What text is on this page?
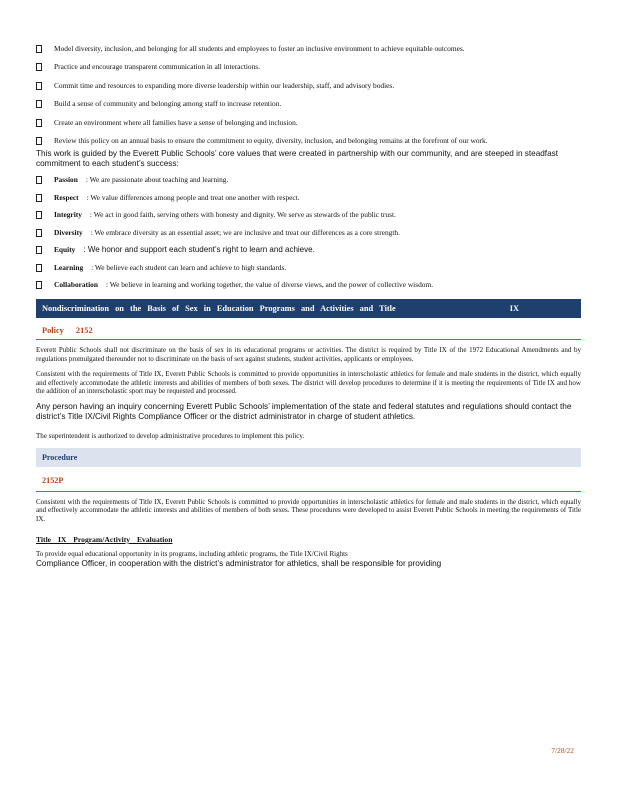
Model diversity, inclusion, and belonging for all students and employees to foster an inclusive environment to achieve equitable outcomes.
Practice and encourage transparent communication in all interactions.
Commit time and resources to expanding more diverse leadership within our leadership, staff, and advisory bodies.
Build a sense of community and belonging among staff to increase retention.
Create an environment where all families have a sense of belonging and inclusion.
Review this policy on an annual basis to ensure the commitment to equity, diversity, inclusion, and belonging remains at the forefront of our work.

This work is guided by the Everett Public Schools’ core values that were created in partnership with our community, and are steeped in steadfast commitment to each student’s success:

Passion : We are passionate about teaching and learning.
Respect : We value differences among people and treat one another with respect.
Integrity : We act in good faith, serving others with honesty and dignity. We serve as stewards of the public trust.
Diversity : We embrace diversity as an essential asset; we are inclusive and treat our differences as a core strength.
Equity : We honor and support each student’s right to learn and achieve.
Learning : We believe each student can learn and achieve to high standards.
Collaboration : We believe in learning and working together, the value of diverse views, and the power of collective wisdom.
Nondiscrimination on the Basis of Sex in Education Programs and Activities and Title	IX
Policy 2152
Everett Public Schools shall not discriminate on the basis of sex in its educational programs or activities. The district is required by Title IX of the 1972 Educational Amendments and by regulations promulgated thereunder not to discriminate on the basis of sex against students, student activities, applicants or employees.
Consistent with the requirements of Title IX, Everett Public Schools is committed to provide opportunities in interscholastic athletics for female and male students in the district, which equally and effectively accommodate the athletic interests and abilities of members of both sexes. The district will develop procedures to determine if it is meeting the requirements of Title IX and how the addition of an interscholastic sport may be requested and processed.

Any person having an inquiry concerning Everett Public Schools’ implementation of the state and federal statutes and regulations should contact the district’s Title IX/Civil Rights Compliance Officer or the district administrator in charge of student athletics.

The superintendent is authorized to develop administrative procedures to implement this policy.
Procedure
2152P
Consistent with the requirements of Title IX, Everett Public Schools is committed to provide opportunities in interscholastic athletics for female and male students in the district, which equally and effectively accommodate the athletic interests and abilities of members of both sexes. These procedures were developed to assist Everett Public Schools in meeting the requirements of Title IX.
Title IX Program/Activity Evaluation
To provide equal educational opportunity in its programs, including athletic programs, the Title IX/Civil Rights

Compliance Officer, in cooperation with the district’s administrator for athletics, shall be responsible for providing

7/28/22
